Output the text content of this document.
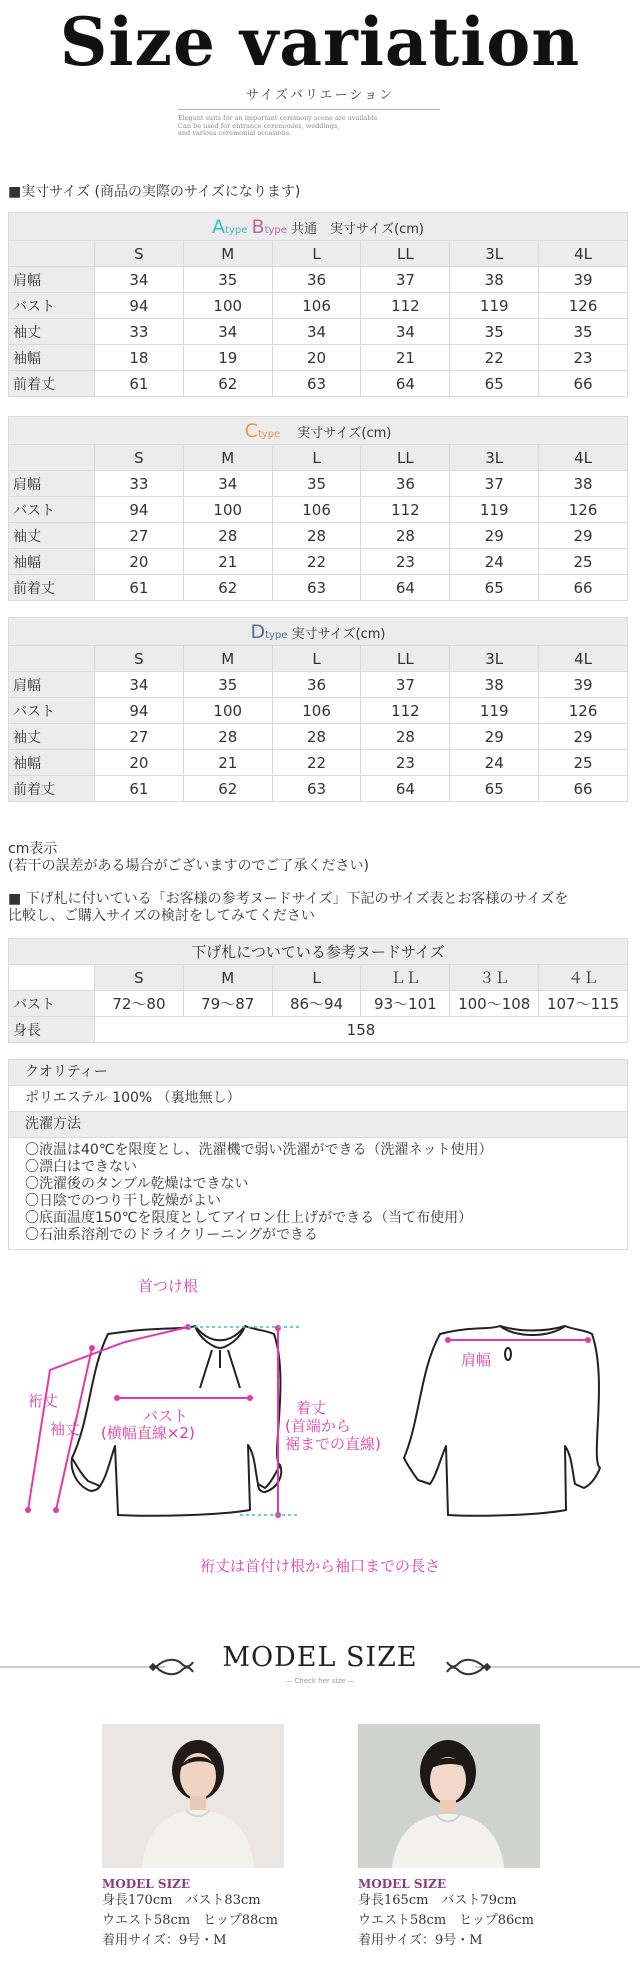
Size variation
サイズバリエーション
Elegant suits for an important ceremony scene are available
Can be used for entrance ceremonies, weddings,
and various ceremonial occasions.
■実寸サイズ (商品の実際のサイズになります)
Atype Btype 共通　実寸サイズ(cm)						
	S	M	L	LL	3L	4L
肩幅	34	35	36	37	38	39
バスト	94	100	106	112	119	126
袖丈	33	34	34	34	35	35
袖幅	18	19	20	21	22	23
前着丈	61	62	63	64	65	66
Ctype 　実寸サイズ(cm)						
	S	M	L	LL	3L	4L
肩幅	33	34	35	36	37	38
バスト	94	100	106	112	119	126
袖丈	27	28	28	28	29	29
袖幅	20	21	22	23	24	25
前着丈	61	62	63	64	65	66
Dtype 実寸サイズ(cm)						
	S	M	L	LL	3L	4L
肩幅	34	35	36	37	38	39
バスト	94	100	106	112	119	126
袖丈	27	28	28	28	29	29
袖幅	20	21	22	23	24	25
前着丈	61	62	63	64	65	66
cm表示
(若干の誤差がある場合がございますのでご了承ください)
■ 下げ札に付いている「お客様の参考ヌードサイズ」下記のサイズ表とお客様のサイズを
比較し、ご購入サイズの検討をしてみてください
下げ札についている参考ヌードサイズ						
	S	M	L	ＬＬ	３Ｌ	４Ｌ
バスト	72〜80	79〜87	86〜94	93〜101	100〜108	107〜115
身長	158					
クオリティー
ポリエステル 100% （裏地無し）
洗濯方法
〇液温は40℃を限度とし、洗濯機で弱い洗濯ができる（洗濯ネット使用）
〇漂白はできない
〇洗濯後のタンブル乾燥はできない
〇日陰でのつり干し乾燥がよい
〇底面温度150℃を限度としてアイロン仕上げができる（当て布使用）
〇石油系溶剤でのドライクリーニングができる
首つけ根
裄丈
袖丈
バスト
(横幅直線×2)
着丈
(首端から
裾までの直線)
肩幅
裄丈は首付け根から袖口までの長さ
MODEL SIZE
— Check her size —
MODEL SIZE
身長170cm　バスト83cm
ウエスト58cm　ヒップ88cm
着用サイズ：9号・M
MODEL SIZE
身長165cm　バスト79cm
ウエスト58cm　ヒップ86cm
着用サイズ：9号・M
